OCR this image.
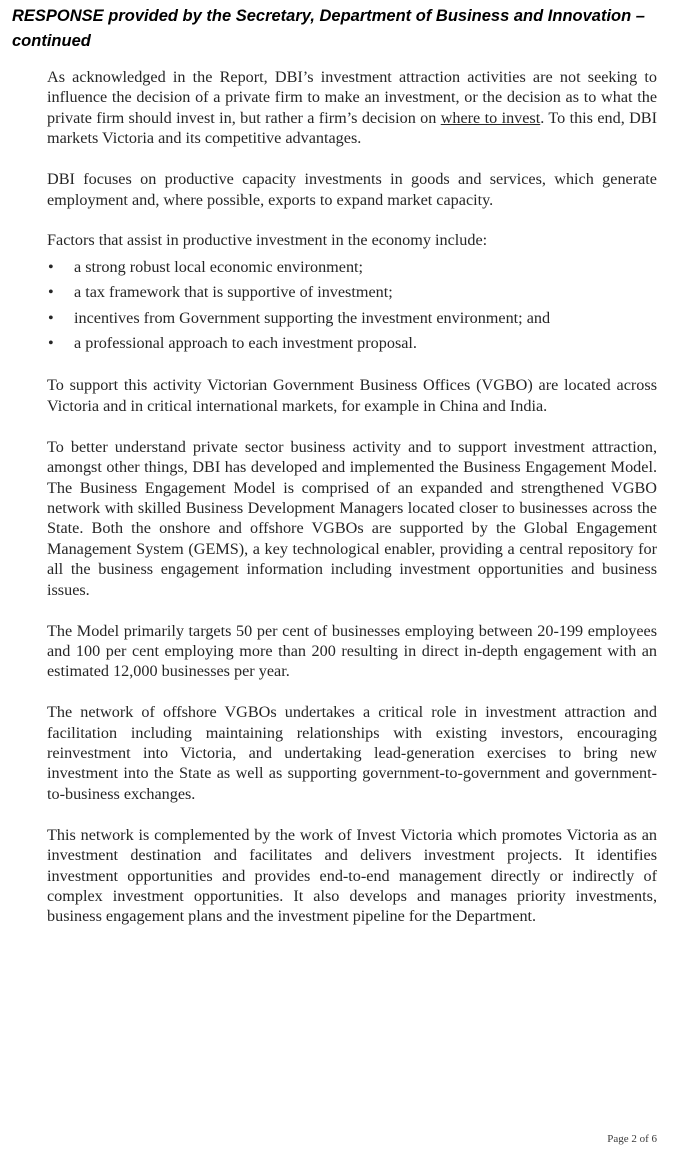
RESPONSE provided by the Secretary, Department of Business and Innovation – continued

As acknowledged in the Report, DBI’s investment attraction activities are not seeking to influence the decision of a private firm to make an investment, or the decision as to what the private firm should invest in, but rather a firm’s decision on where to invest. To this end, DBI markets Victoria and its competitive advantages.

DBI focuses on productive capacity investments in goods and services, which generate employment and, where possible, exports to expand market capacity.

Factors that assist in productive investment in the economy include:

• a strong robust local economic environment;
• a tax framework that is supportive of investment;
• incentives from Government supporting the investment environment; and
• a professional approach to each investment proposal.

To support this activity Victorian Government Business Offices (VGBO) are located across Victoria and in critical international markets, for example in China and India.

To better understand private sector business activity and to support investment attraction, amongst other things, DBI has developed and implemented the Business Engagement Model. The Business Engagement Model is comprised of an expanded and strengthened VGBO network with skilled Business Development Managers located closer to businesses across the State. Both the onshore and offshore VGBOs are supported by the Global Engagement Management System (GEMS), a key technological enabler, providing a central repository for all the business engagement information including investment opportunities and business issues.

The Model primarily targets 50 per cent of businesses employing between 20-199 employees and 100 per cent employing more than 200 resulting in direct in-depth engagement with an estimated 12,000 businesses per year.

The network of offshore VGBOs undertakes a critical role in investment attraction and facilitation including maintaining relationships with existing investors, encouraging reinvestment into Victoria, and undertaking lead-generation exercises to bring new investment into the State as well as supporting government-to-government and government-to-business exchanges.

This network is complemented by the work of Invest Victoria which promotes Victoria as an investment destination and facilitates and delivers investment projects. It identifies investment opportunities and provides end-to-end management directly or indirectly of complex investment opportunities. It also develops and manages priority investments, business engagement plans and the investment pipeline for the Department.

Page 2 of 6
